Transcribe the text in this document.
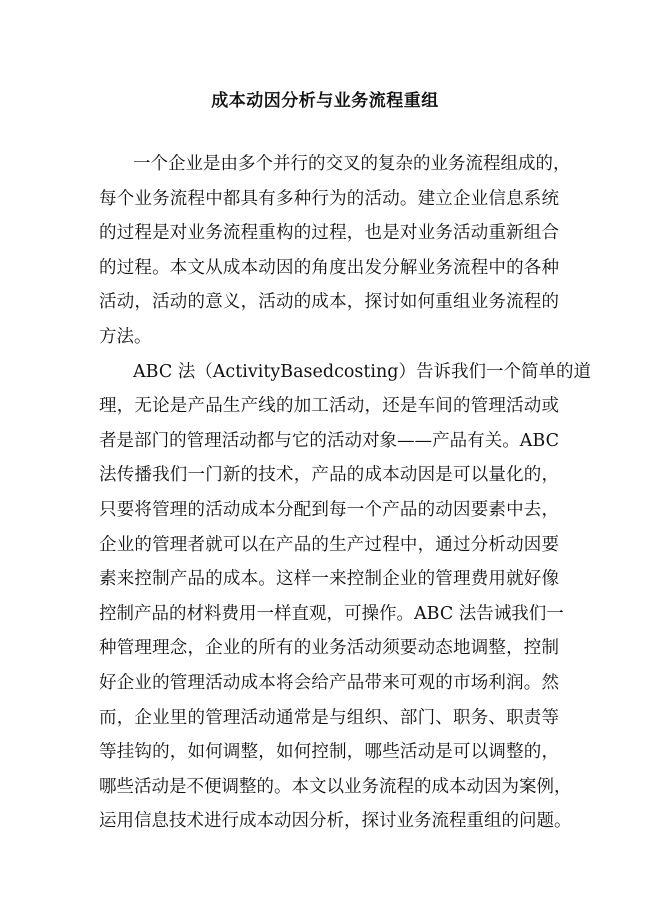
成本动因分析与业务流程重组
一个企业是由多个并行的交叉的复杂的业务流程组成的，
每个业务流程中都具有多种行为的活动。建立企业信息系统
的过程是对业务流程重构的过程，也是对业务活动重新组合
的过程。本文从成本动因的角度出发分解业务流程中的各种
活动，活动的意义，活动的成本，探讨如何重组业务流程的
方法。
ABC 法（ActivityBasedcosting）告诉我们一个简单的道
理，无论是产品生产线的加工活动，还是车间的管理活动或
者是部门的管理活动都与它的活动对象——产品有关。ABC
法传播我们一门新的技术，产品的成本动因是可以量化的，
只要将管理的活动成本分配到每一个产品的动因要素中去，
企业的管理者就可以在产品的生产过程中，通过分析动因要
素来控制产品的成本。这样一来控制企业的管理费用就好像
控制产品的材料费用一样直观，可操作。ABC 法告诫我们一
种管理理念，企业的所有的业务活动须要动态地调整，控制
好企业的管理活动成本将会给产品带来可观的市场利润。然
而，企业里的管理活动通常是与组织、部门、职务、职责等
等挂钩的，如何调整，如何控制，哪些活动是可以调整的，
哪些活动是不便调整的。本文以业务流程的成本动因为案例，
运用信息技术进行成本动因分析，探讨业务流程重组的问题。
